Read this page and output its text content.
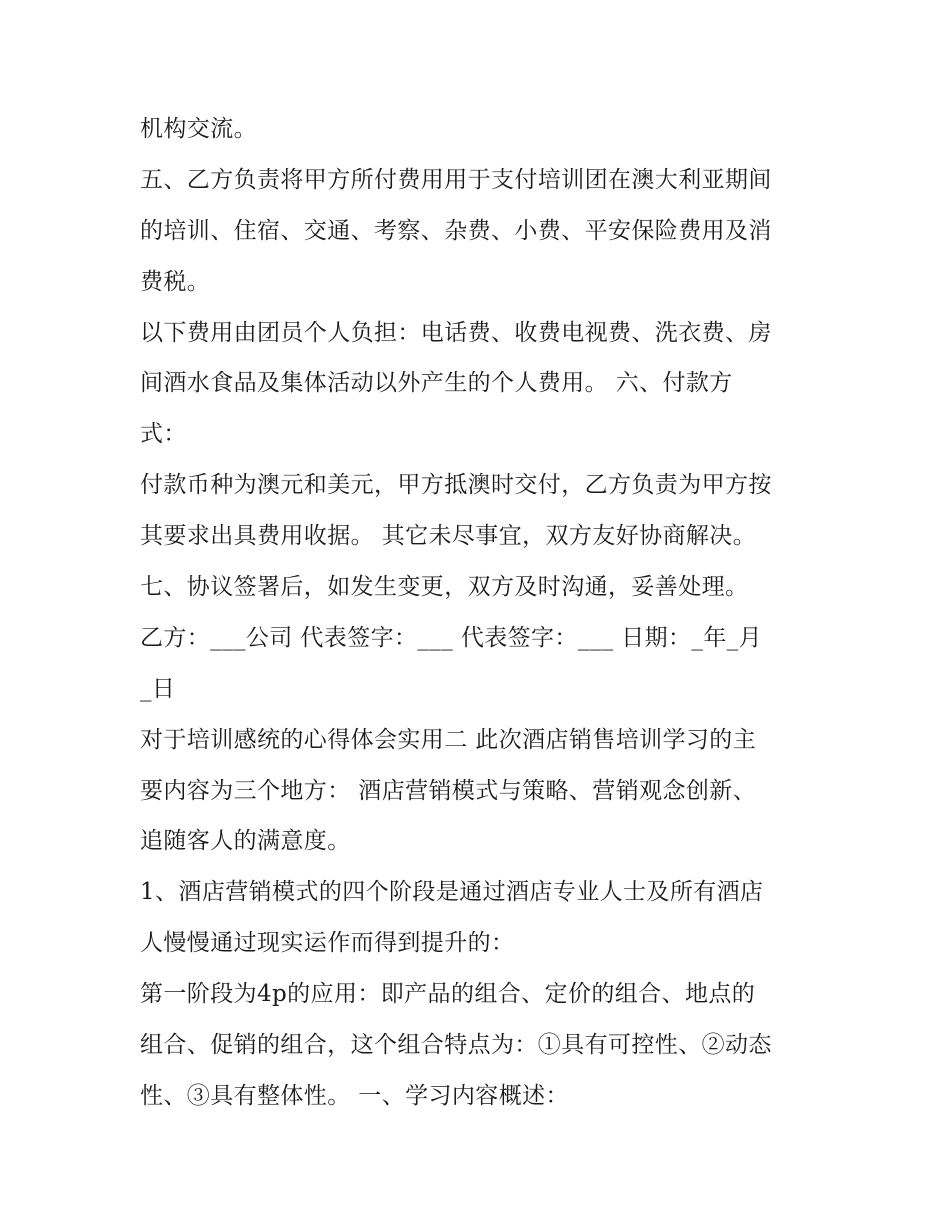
机构交流。
五、乙方负责将甲方所付费用用于支付培训团在澳大利亚期间
的培训、住宿、交通、考察、杂费、小费、平安保险费用及消
费税。
以下费用由团员个人负担：电话费、收费电视费、洗衣费、房
间酒水食品及集体活动以外产生的个人费用。 六、付款方
式：
付款币种为澳元和美元，甲方抵澳时交付，乙方负责为甲方按
其要求出具费用收据。 其它未尽事宜，双方友好协商解决。
七、协议签署后，如发生变更，双方及时沟通，妥善处理。
乙方：___公司 代表签字：___ 代表签字：___ 日期：_年_月
_日
对于培训感统的心得体会实用二 此次酒店销售培训学习的主
要内容为三个地方： 酒店营销模式与策略、营销观念创新、
追随客人的满意度。
1、酒店营销模式的四个阶段是通过酒店专业人士及所有酒店
人慢慢通过现实运作而得到提升的：
第一阶段为4p的应用：即产品的组合、定价的组合、地点的
组合、促销的组合，这个组合特点为：①具有可控性、②动态
性、③具有整体性。 一、学习内容概述：
